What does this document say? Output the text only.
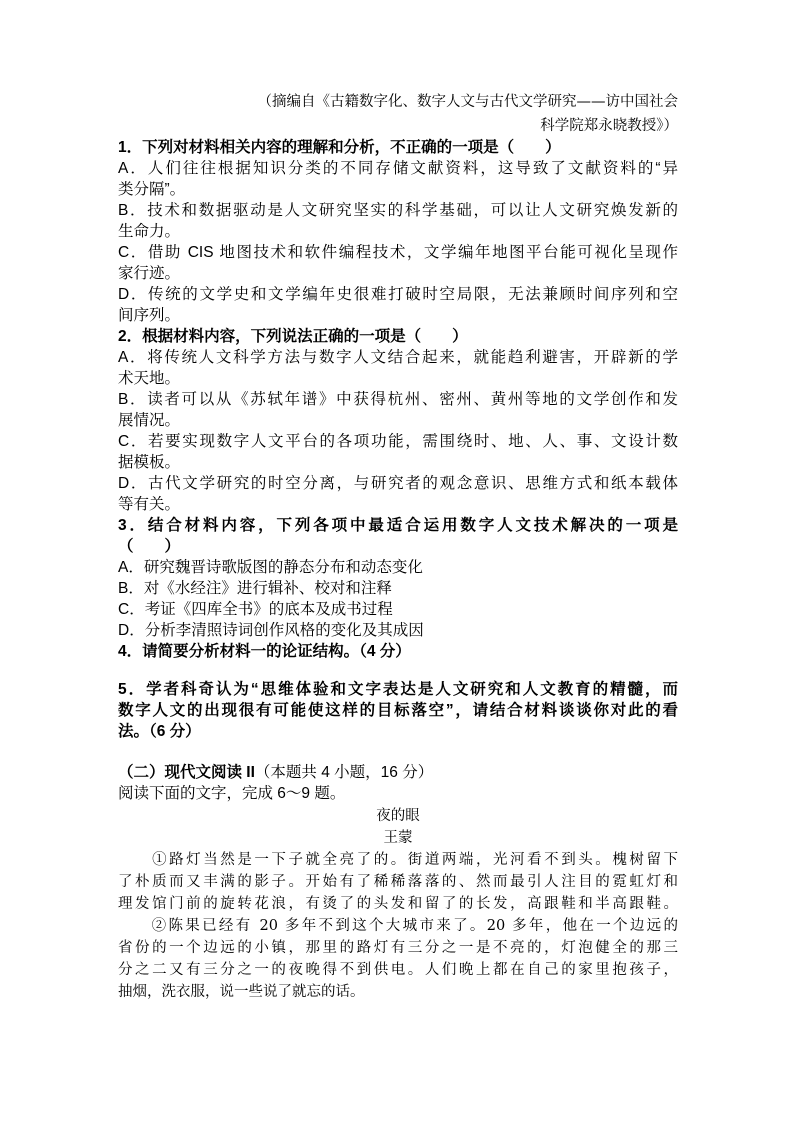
（摘编自《古籍数字化、数字人文与古代文学研究——访中国社会
科学院郑永晓教授》）
1．下列对材料相关内容的理解和分析，不正确的一项是（　　）
A．人们往往根据知识分类的不同存储文献资料，这导致了文献资料的“异
类分隔”。
B．技术和数据驱动是人文研究坚实的科学基础，可以让人文研究焕发新的
生命力。
C．借助 CIS 地图技术和软件编程技术，文学编年地图平台能可视化呈现作
家行迹。
D．传统的文学史和文学编年史很难打破时空局限，无法兼顾时间序列和空
间序列。
2．根据材料内容，下列说法正确的一项是（　　）
A．将传统人文科学方法与数字人文结合起来，就能趋利避害，开辟新的学
术天地。
B．读者可以从《苏轼年谱》中获得杭州、密州、黄州等地的文学创作和发
展情况。
C．若要实现数字人文平台的各项功能，需围绕时、地、人、事、文设计数
据模板。
D．古代文学研究的时空分离，与研究者的观念意识、思维方式和纸本载体
等有关。
3．结合材料内容，下列各项中最适合运用数字人文技术解决的一项是
（　　）
A．研究魏晋诗歌版图的静态分布和动态变化
B．对《水经注》进行辑补、校对和注释
C．考证《四库全书》的底本及成书过程
D．分析李清照诗词创作风格的变化及其成因
4．请简要分析材料一的论证结构。（4 分）
5．学者科奇认为“思维体验和文字表达是人文研究和人文教育的精髓，而
数字人文的出现很有可能使这样的目标落空”，请结合材料谈谈你对此的看
法。（6 分）
（二）现代文阅读 II（本题共 4 小题，16 分）
阅读下面的文字，完成 6～9 题。
夜的眼
王蒙
　　①路灯当然是一下子就全亮了的。街道两端，光河看不到头。槐树留下
了朴质而又丰满的影子。开始有了稀稀落落的、然而最引人注目的霓虹灯和
理发馆门前的旋转花浪，有烫了的头发和留了的长发，高跟鞋和半高跟鞋。
　　②陈果已经有 20 多年不到这个大城市来了。20 多年，他在一个边远的
省份的一个边远的小镇，那里的路灯有三分之一是不亮的，灯泡健全的那三
分之二又有三分之一的夜晚得不到供电。人们晚上都在自己的家里抱孩子，
抽烟，洗衣服，说一些说了就忘的话。
